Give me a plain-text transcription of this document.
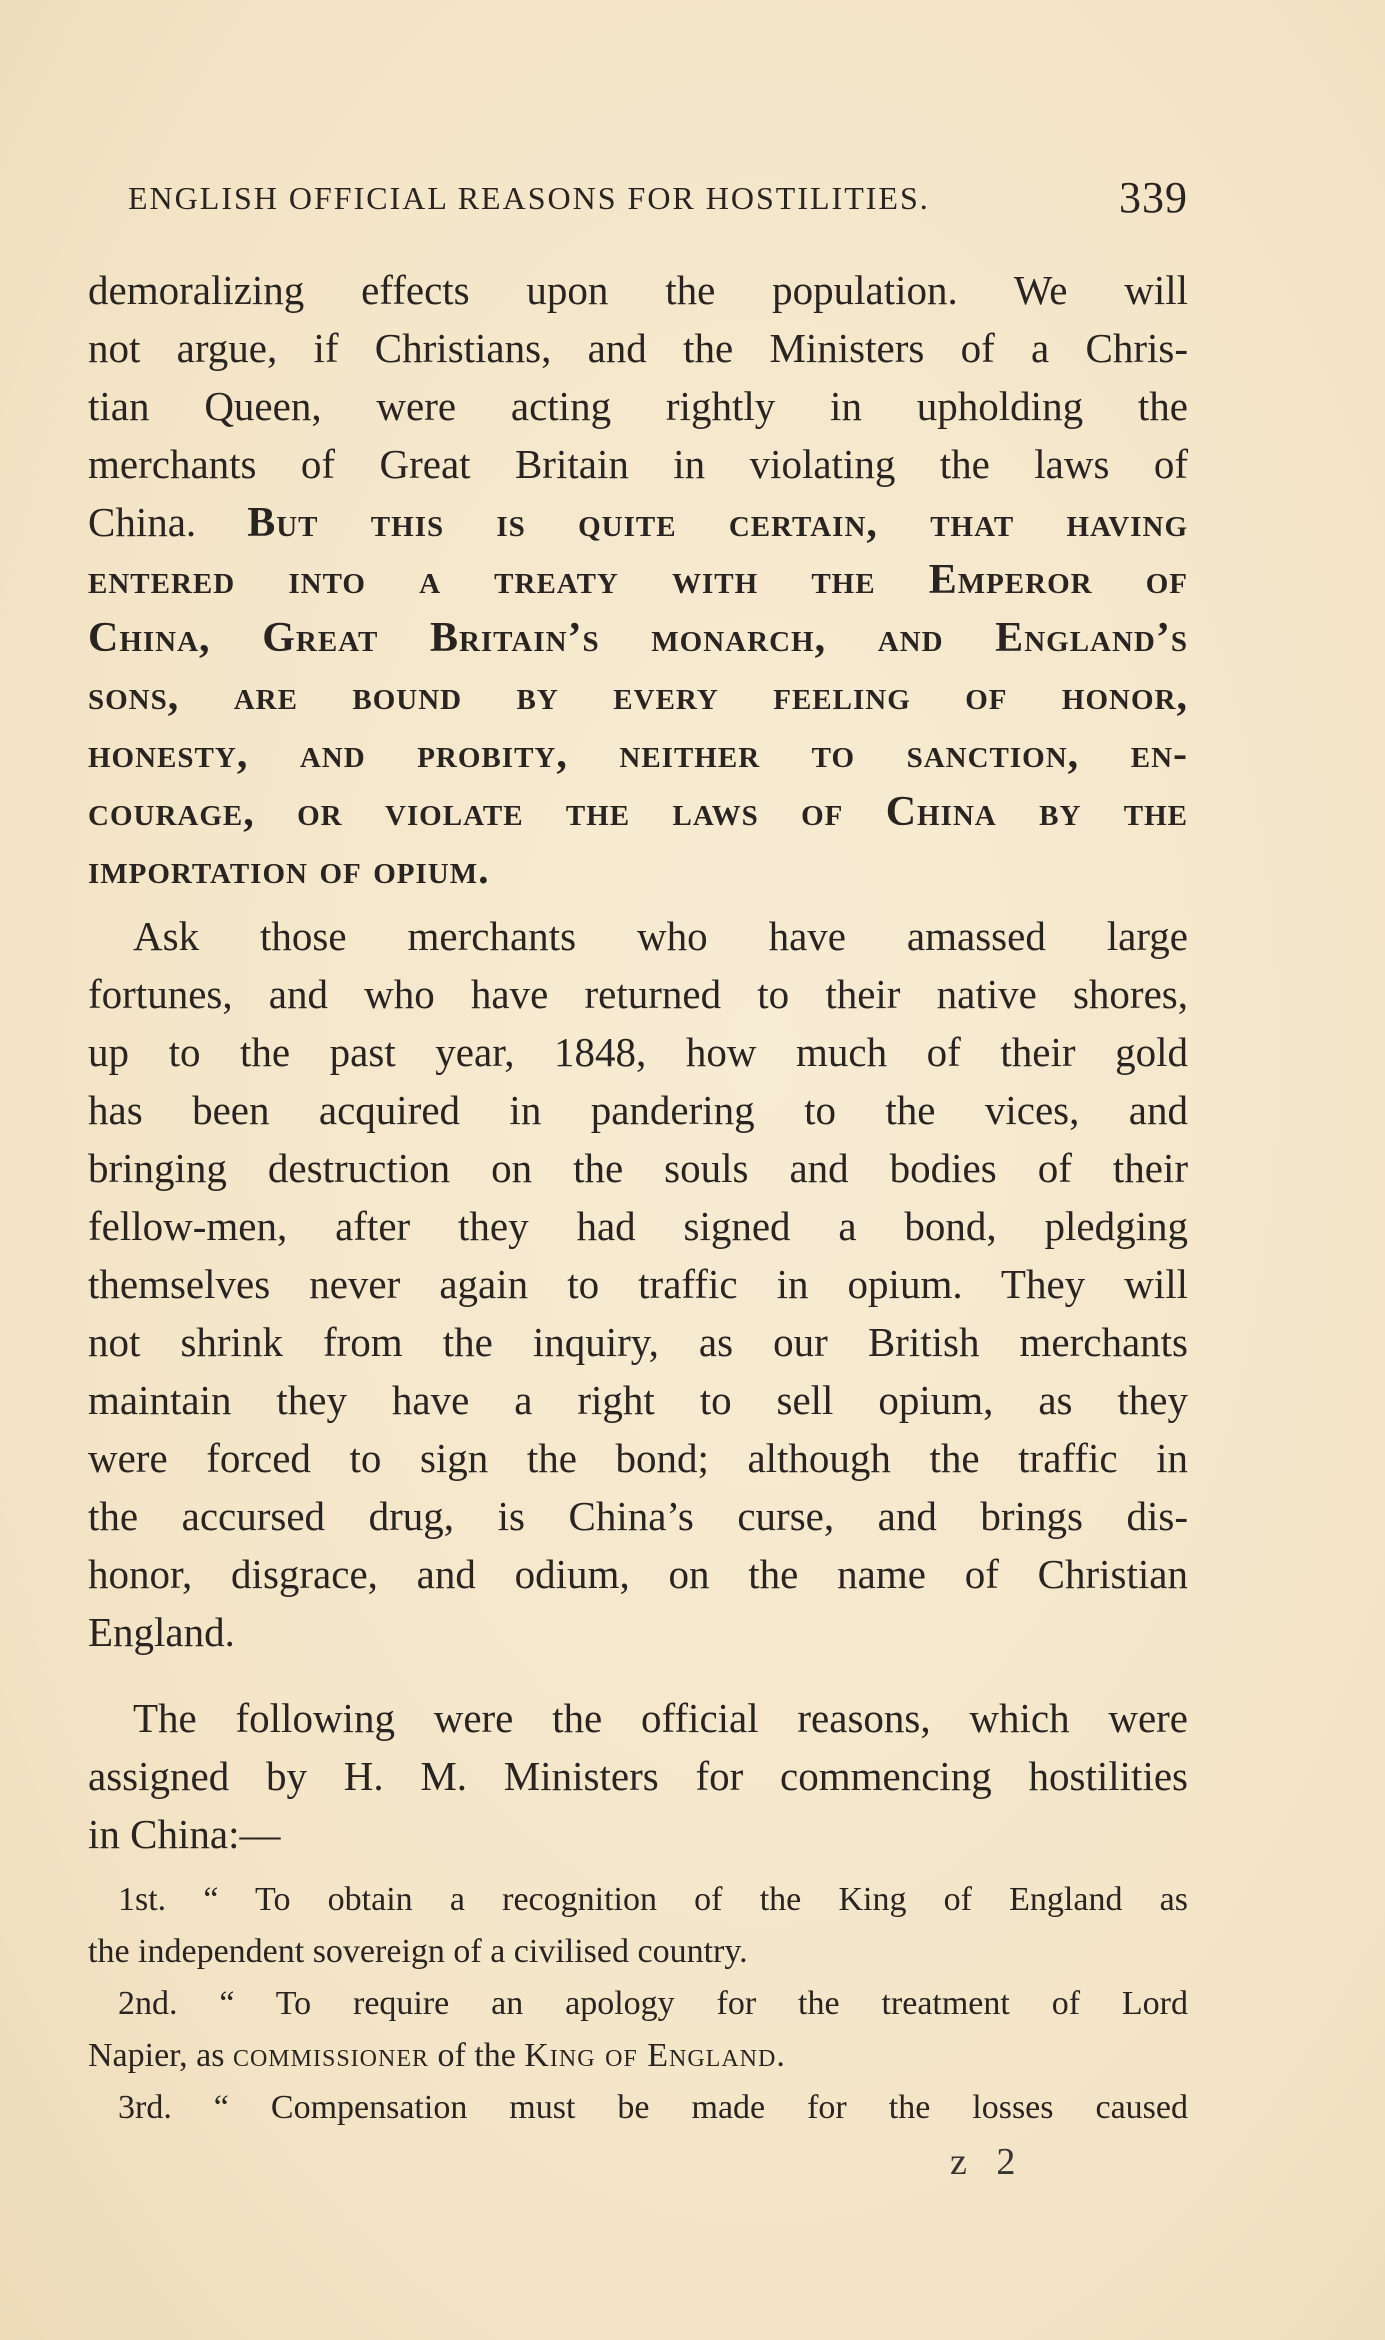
ENGLISH OFFICIAL REASONS FOR HOSTILITIES.	339
demoralizing effects upon the population. We will
not argue, if Christians, and the Ministers of a Chris-
tian Queen, were acting rightly in upholding the
merchants of Great Britain in violating the laws of
China. But this is quite certain, that having
entered into a treaty with the Emperor of
China, Great Britain’s monarch, and England’s
sons, are bound by every feeling of honor,
honesty, and probity, neither to sanction, en-
courage, or violate the laws of China by the
importation of opium.
Ask those merchants who have amassed large
fortunes, and who have returned to their native shores,
up to the past year, 1848, how much of their gold
has been acquired in pandering to the vices, and
bringing destruction on the souls and bodies of their
fellow-men, after they had signed a bond, pledging
themselves never again to traffic in opium. They will
not shrink from the inquiry, as our British merchants
maintain they have a right to sell opium, as they
were forced to sign the bond; although the traffic in
the accursed drug, is China’s curse, and brings dis-
honor, disgrace, and odium, on the name of Christian
England.
The following were the official reasons, which were
assigned by H. M. Ministers for commencing hostilities
in China:—
1st. “ To obtain a recognition of the King of England as
the independent sovereign of a civilised country.
2nd. “ To require an apology for the treatment of Lord
Napier, as commissioner of the King of England.
3rd. “ Compensation must be made for the losses caused
z 2
